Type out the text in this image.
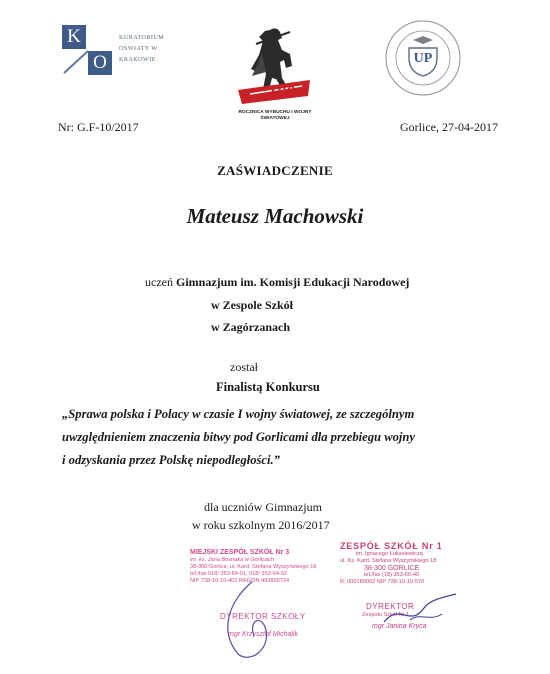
K
O
KURATORIUM OŚWIATY W KRAKOWIE
100
ROCZNICA WYBUCHU I WOJNY ŚWIATOWEJ
UP
Nr: G.F-10/2017	Gorlice, 27-04-2017
ZAŚWIADCZENIE
Mateusz Machowski
uczeń Gimnazjum im. Komisji Edukacji Narodowej
w Zespole Szkół
w Zagórzanach
został
Finalistą Konkursu
„Sprawa polska i Polacy w czasie I wojny światowej, ze szczególnym
uwzględnieniem znaczenia bitwy pod Gorlicami dla przebiegu wojny
i odzyskania przez Polskę niepodległości.”
dla uczniów Gimnazjum
w roku szkolnym 2016/2017
MIEJSKI ZESPÓŁ SZKÓŁ Nr 3
im. ks. Jana Bosnaka w Gorlicach
38-300 Gorlice, ul. Kard. Stefana Wyszyńskiego 16
tel./fax 018/ 353-64-91, 018/ 353-64-92
NIP 738-10-10-401 REGON 492828724
DYREKTOR SZKOŁY
mgr Krzysztof Michalik
ZESPÓŁ SZKÓŁ Nr 1
im. Ignacego Łukasiewicza
ul. Ks. Kard. Stefana Wyszyńskiego 18
38-300 GORLICE
tel./fax (18) 353-60-40
R: 000180002 NIP 738-10-10-570
DYREKTOR
Zespołu Szkół Nr 1
mgr Janina Kryca
